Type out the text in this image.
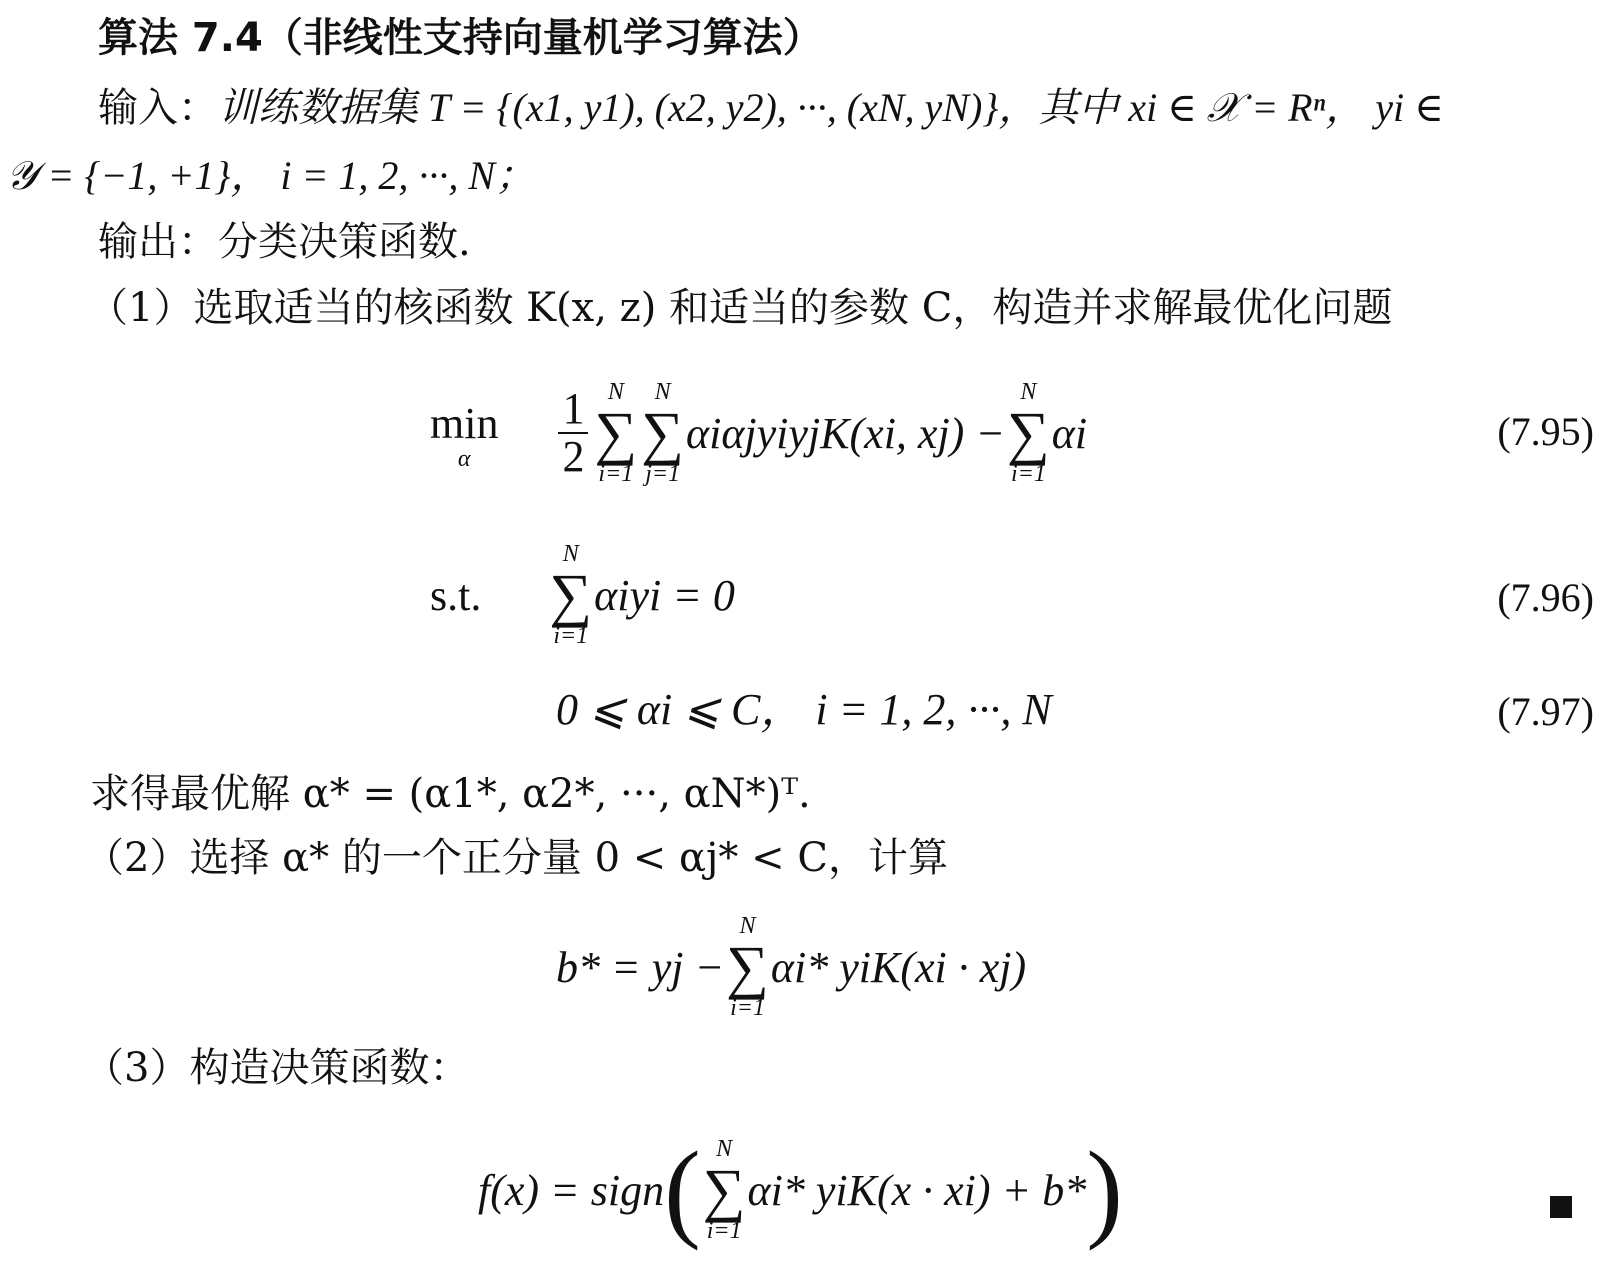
算法 7.4（非线性支持向量机学习算法）
输入：训练数据集 T = {(x1, y1), (x2, y2), ···, (xN, yN)}，其中 xi ∈ 𝒳 = Rⁿ， yi ∈
𝒴 = {−1, +1}， i = 1, 2, ···, N；
输出：分类决策函数.
（1）选取适当的核函数 K(x, z) 和适当的参数 C，构造并求解最优化问题
min
α $\frac{1}{2}$ N
∑
i=1
N
∑
j=1
αiαjyiyjK(xi, xj) −
N
∑
i=1
αi	(7.95)
s.t.
N
∑
i=1
αiyi = 0	(7.96)
0 ⩽ αi ⩽ C， i = 1, 2, ···, N	(7.97)
求得最优解 α* = (α1*, α2*, ···, αN*)ᵀ.
（2）选择 α* 的一个正分量 0 < αj* < C，计算
b* = yj −
N
∑
i=1
αi* yiK(xi · xj)
（3）构造决策函数：
f(x) = sign ( N
∑
i=1
αi* yiK(x · xi) + b* )
